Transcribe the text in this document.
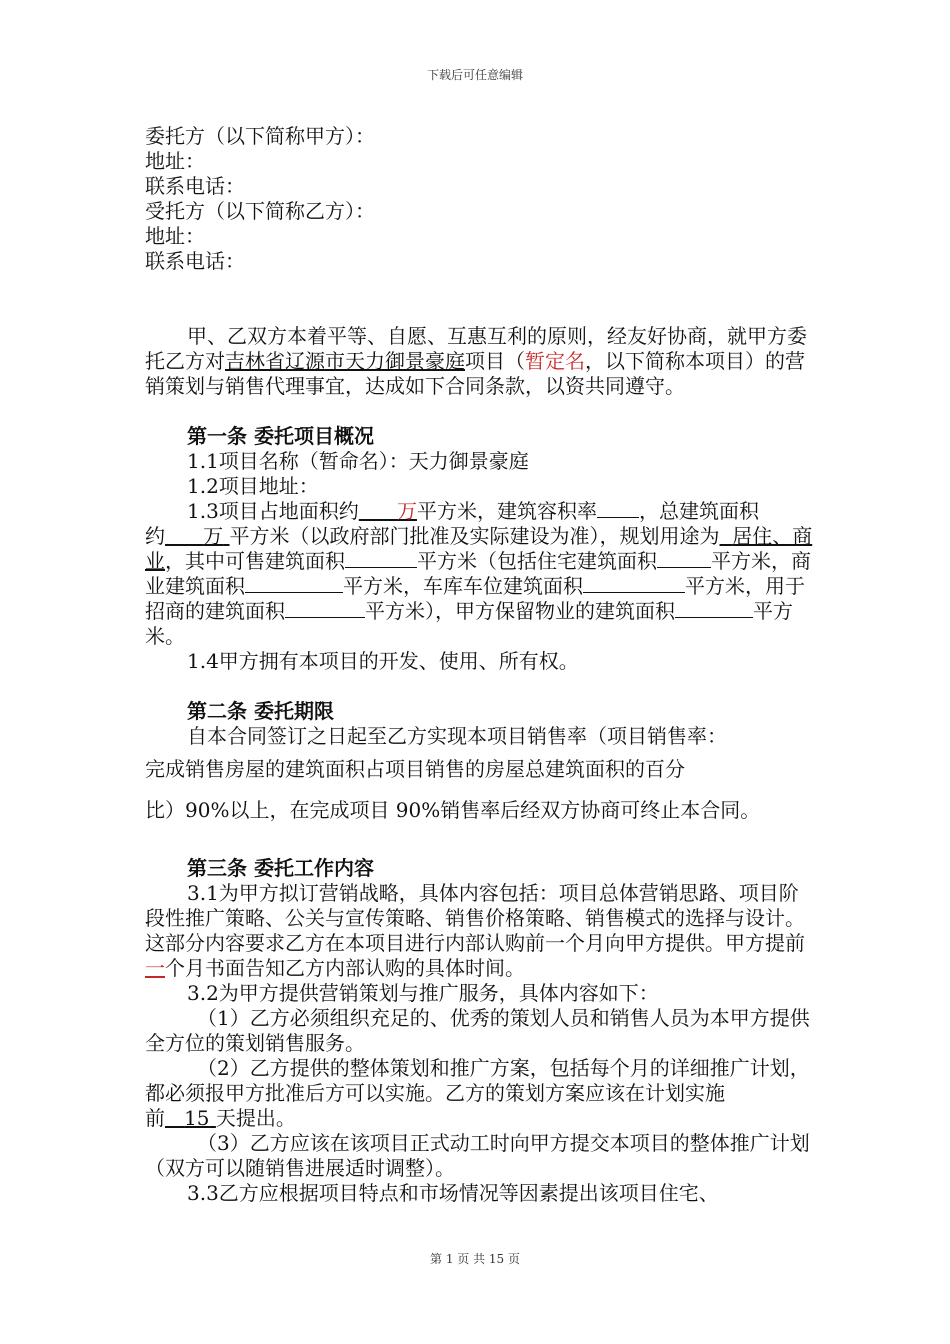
下载后可任意编辑

委托方（以下简称甲方）：

地址：

联系电话：

受托方（以下简称乙方）：

地址：

联系电话：

甲、乙双方本着平等、自愿、互惠互利的原则，经友好协商，就甲方委托乙方对吉林省辽源市天力御景豪庭项目（暂定名，以下简称本项目）的营销策划与销售代理事宜，达成如下合同条款，以资共同遵守。

第一条 委托项目概况

1.1项目名称（暂命名）：天力御景豪庭

1.2项目地址：

1.3项目占地面积约 万平方米，建筑容积率 ，总建筑面积约 万 平方米（以政府部门批准及实际建设为准），规划用途为 居住、商业，其中可售建筑面积	平方米（包括住宅建筑面积	平方米，商业建筑面积	平方米，车库车位建筑面积	平方米，用于招商的建筑面积	平方米），甲方保留物业的建筑面积	平方米。

1.4甲方拥有本项目的开发、使用、所有权。

第二条 委托期限

自本合同签订之日起至乙方实现本项目销售率（项目销售率：

完成销售房屋的建筑面积占项目销售的房屋总建筑面积的百分

比）90%以上，在完成项目 90%销售率后经双方协商可终止本合同。

第三条 委托工作内容

3.1为甲方拟订营销战略，具体内容包括：项目总体营销思路、项目阶段性推广策略、公关与宣传策略、销售价格策略、销售模式的选择与设计。这部分内容要求乙方在本项目进行内部认购前一个月向甲方提供。甲方提前一个月书面告知乙方内部认购的具体时间。

3.2为甲方提供营销策划与推广服务，具体内容如下：

（1）乙方必须组织充足的、优秀的策划人员和销售人员为本甲方提供全方位的策划销售服务。

（2）乙方提供的整体策划和推广方案，包括每个月的详细推广计划，都必须报甲方批准后方可以实施。乙方的策划方案应该在计划实施前 15 天提出。

（3）乙方应该在该项目正式动工时向甲方提交本项目的整体推广计划（双方可以随销售进展适时调整）。

3.3乙方应根据项目特点和市场情况等因素提出该项目住宅、

第 1 页 共 15 页
